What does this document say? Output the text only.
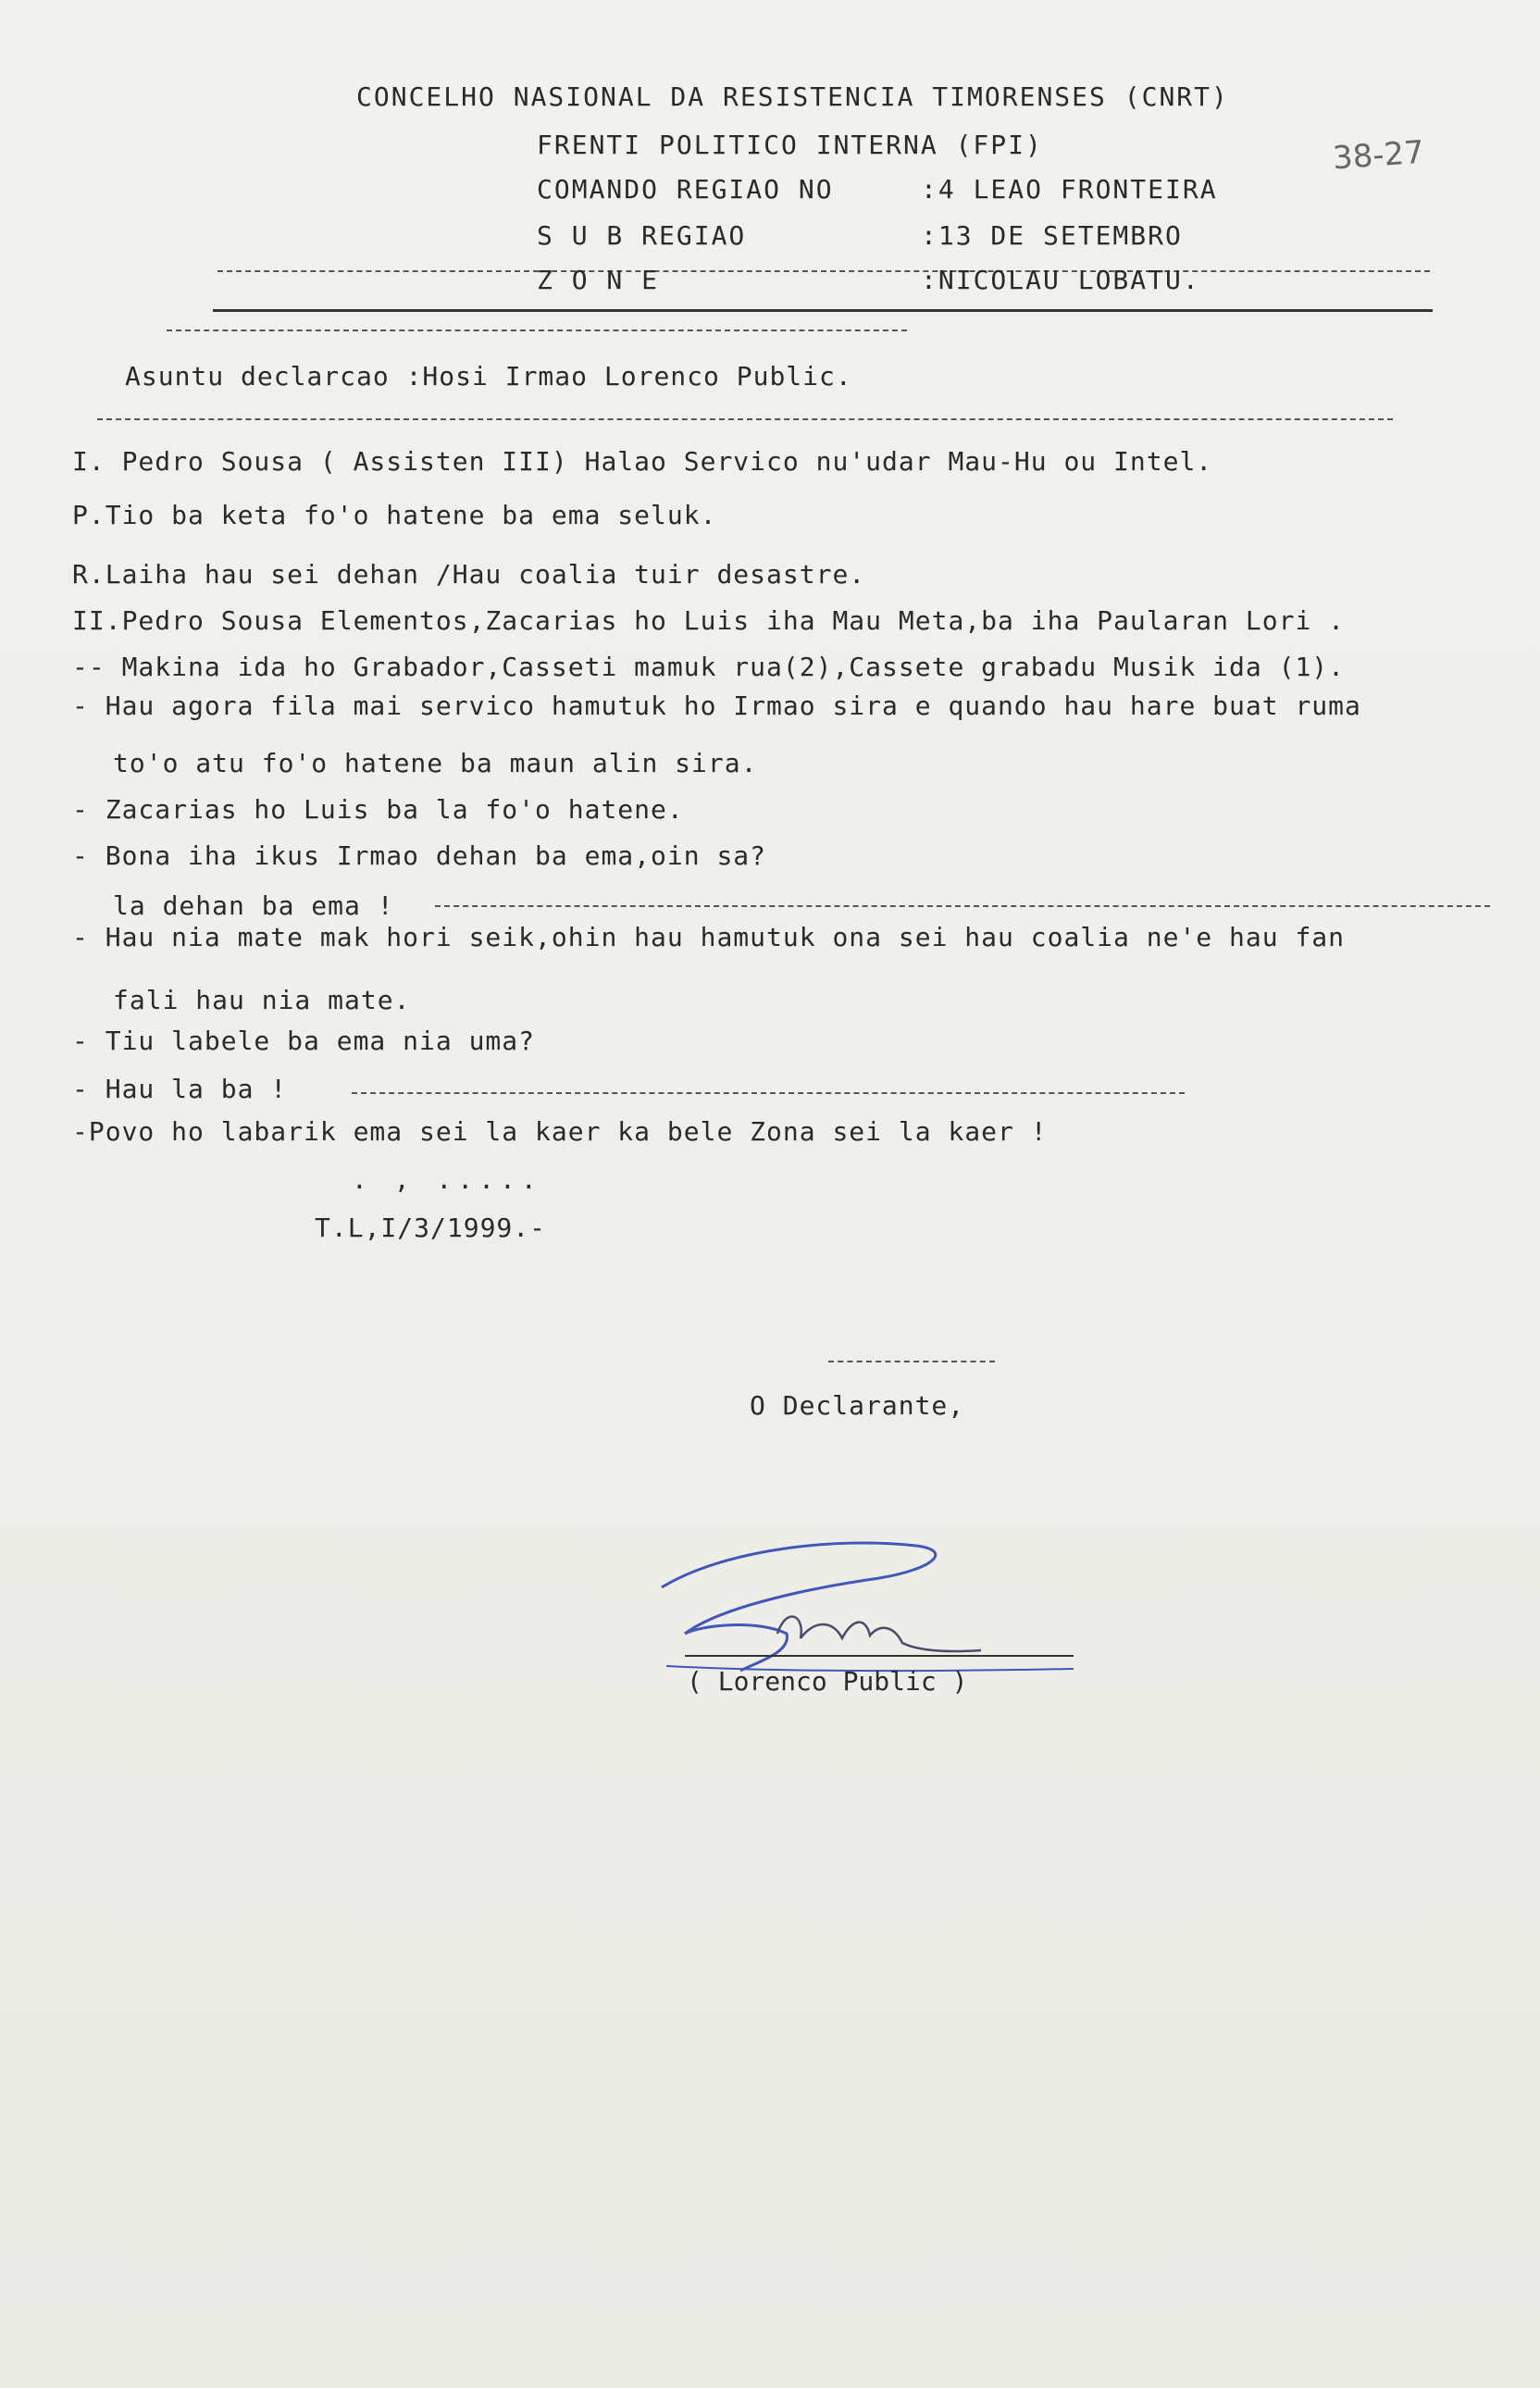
CONCELHO NASIONAL DA RESISTENCIA TIMORENSES (CNRT)
FRENTI POLITICO INTERNA (FPI)
COMANDO REGIAO NO	:4 LEAO FRONTEIRA
S U B REGIAO	:13 DE SETEMBRO
Z O N E	:NICOLAU LOBATU.
38-27
Asuntu declarcao :Hosi Irmao Lorenco Public.
I. Pedro Sousa ( Assisten III) Halao Servico nu'udar Mau-Hu ou Intel.
P.Tio ba keta fo'o hatene ba ema seluk.
R.Laiha hau sei dehan /Hau coalia tuir desastre.
II.Pedro Sousa Elementos,Zacarias ho Luis iha Mau Meta,ba iha Paularan Lori .
-- Makina ida ho Grabador,Casseti mamuk rua(2),Cassete grabadu Musik ida (1).
- Hau agora fila mai servico hamutuk ho Irmao sira e quando hau hare buat ruma
to'o atu fo'o hatene ba maun alin sira.
- Zacarias ho Luis ba la fo'o hatene.
- Bona iha ikus Irmao dehan ba ema,oin sa?
la dehan ba ema !
- Hau nia mate mak hori seik,ohin hau hamutuk ona sei hau coalia ne'e hau fan
fali hau nia mate.
- Tiu labele ba ema nia uma?
- Hau la ba !
-Povo ho labarik ema sei la kaer ka bele Zona sei la kaer !
. , .....
T.L,I/3/1999.-
O Declarante,
( Lorenco Public )
